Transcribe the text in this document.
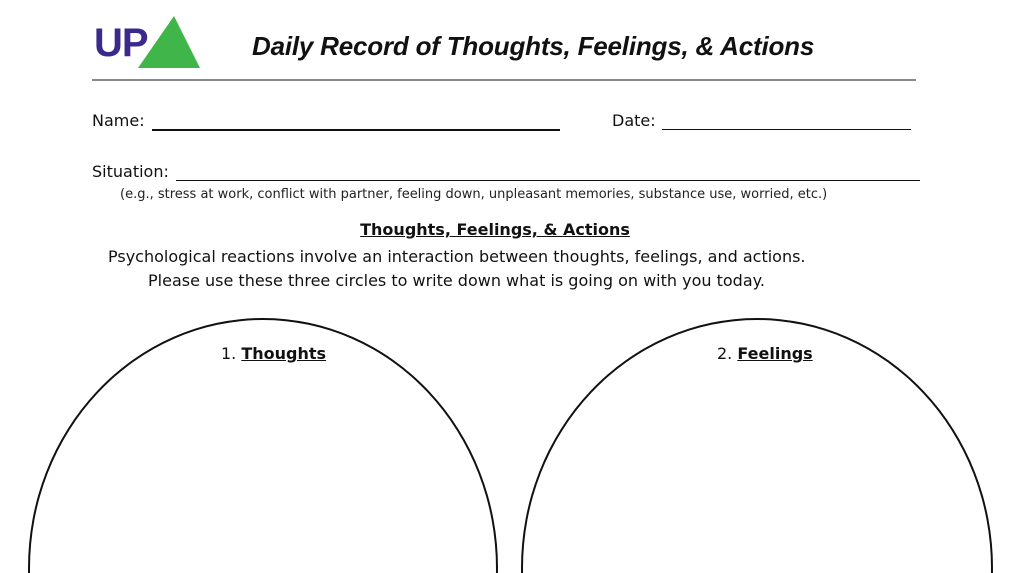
UP	Daily Record of Thoughts, Feelings, & Actions
Name:	Date:
Situation:
(e.g., stress at work, conflict with partner, feeling down, unpleasant memories, substance use, worried, etc.)
Thoughts, Feelings, & Actions
Psychological reactions involve an interaction between thoughts, feelings, and actions.
Please use these three circles to write down what is going on with you today.
1. Thoughts	2. Feelings
